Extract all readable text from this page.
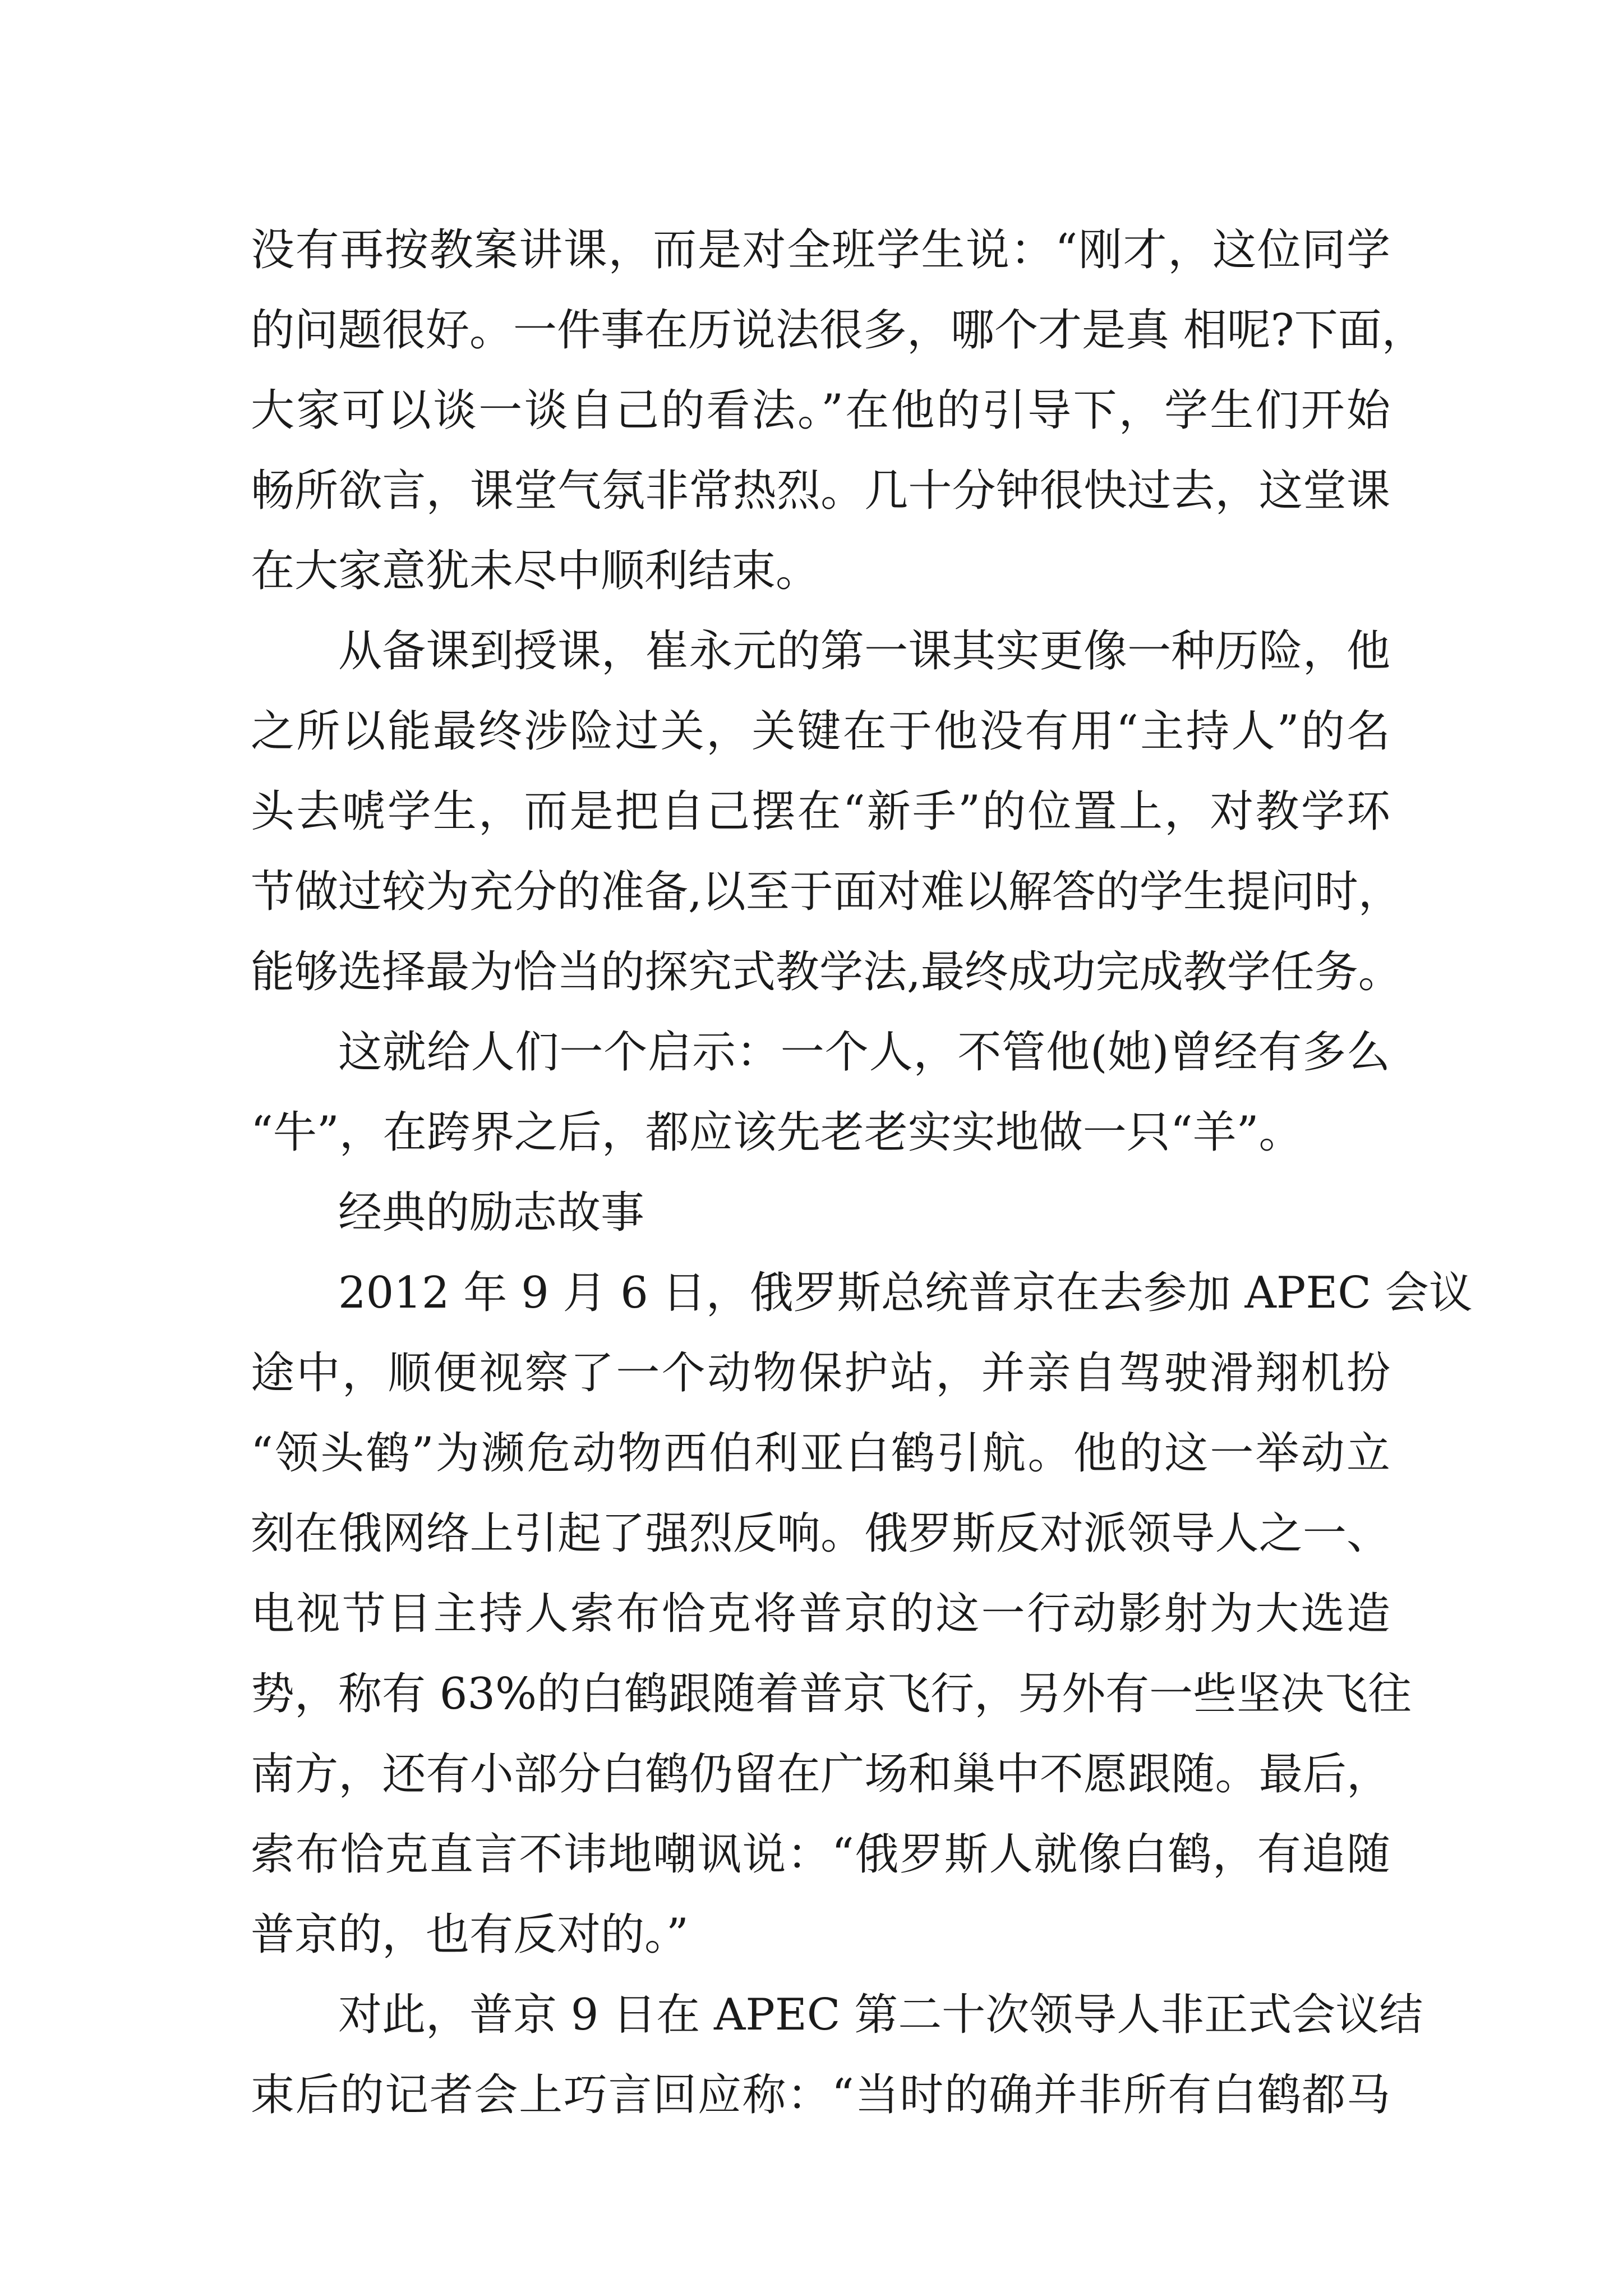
没有再按教案讲课，而是对全班学生说：“刚才，这位同学
的问题很好。一件事在历说法很多，哪个才是真 相呢?下面，
大家可以谈一谈自己的看法。”在他的引导下，学生们开始
畅所欲言，课堂气氛非常热烈。几十分钟很快过去，这堂课
在大家意犹未尽中顺利结束。
从备课到授课，崔永元的第一课其实更像一种历险，他
之所以能最终涉险过关，关键在于他没有用“主持人”的名
头去唬学生，而是把自己摆在“新手”的位置上，对教学环
节做过较为充分的准备,以至于面对难以解答的学生提问时，
能够选择最为恰当的探究式教学法,最终成功完成教学任务。
这就给人们一个启示：一个人，不管他(她)曾经有多么
“牛”，在跨界之后，都应该先老老实实地做一只“羊”。
经典的励志故事
2012 年 9 月 6 日，俄罗斯总统普京在去参加 APEC 会议
途中，顺便视察了一个动物保护站，并亲自驾驶滑翔机扮
“领头鹤”为濒危动物西伯利亚白鹤引航。他的这一举动立
刻在俄网络上引起了强烈反响。俄罗斯反对派领导人之一、
电视节目主持人索布恰克将普京的这一行动影射为大选造
势，称有 63%的白鹤跟随着普京飞行，另外有一些坚决飞往
南方，还有小部分白鹤仍留在广场和巢中不愿跟随。最后，
索布恰克直言不讳地嘲讽说：“俄罗斯人就像白鹤，有追随
普京的，也有反对的。”
对此，普京 9 日在 APEC 第二十次领导人非正式会议结
束后的记者会上巧言回应称：“当时的确并非所有白鹤都马
